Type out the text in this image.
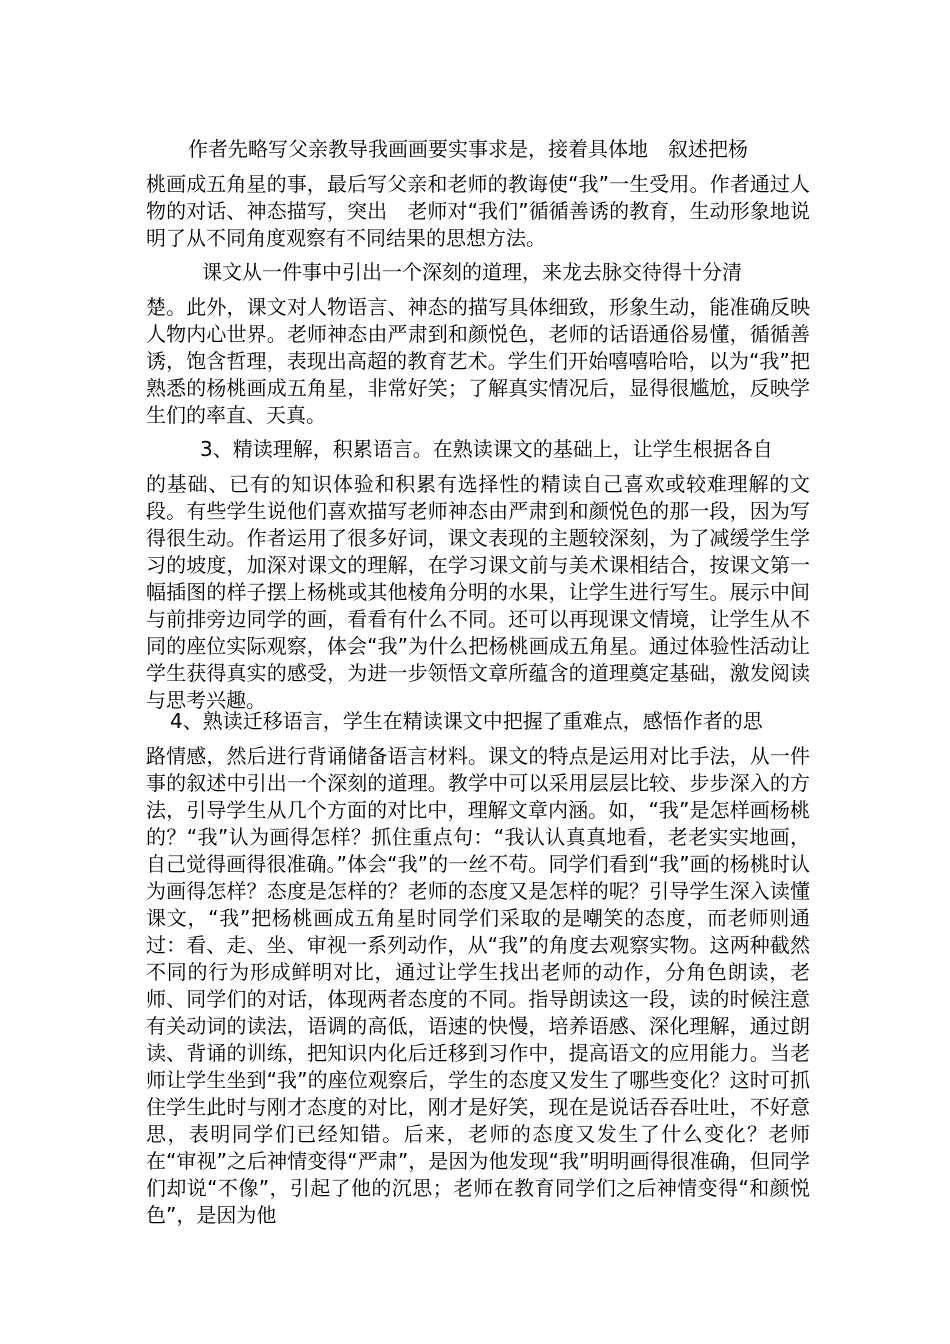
作者先略写父亲教导我画画要实事求是，接着具体地　叙述把杨
桃画成五角星的事，最后写父亲和老师的教诲使“我”一生受用。作者通过人物的对话、神态描写，突出　老师对“我们”循循善诱的教育，生动形象地说明了从不同角度观察有不同结果的思想方法。

课文从一件事中引出一个深刻的道理，来龙去脉交待得十分清
楚。此外，课文对人物语言、神态的描写具体细致，形象生动，能准确反映人物内心世界。老师神态由严肃到和颜悦色，老师的话语通俗易懂，循循善诱，饱含哲理，表现出高超的教育艺术。学生们开始嘻嘻哈哈，以为“我”把熟悉的杨桃画成五角星，非常好笑；了解真实情况后，显得很尴尬，反映学生们的率直、天真。

3、精读理解，积累语言。在熟读课文的基础上，让学生根据各自
的基础、已有的知识体验和积累有选择性的精读自己喜欢或较难理解的文段。有些学生说他们喜欢描写老师神态由严肃到和颜悦色的那一段，因为写得很生动。作者运用了很多好词，课文表现的主题较深刻，为了减缓学生学习的坡度，加深对课文的理解，在学习课文前与美术课相结合，按课文第一幅插图的样子摆上杨桃或其他棱角分明的水果，让学生进行写生。展示中间与前排旁边同学的画，看看有什么不同。还可以再现课文情境，让学生从不同的座位实际观察，体会“我”为什么把杨桃画成五角星。通过体验性活动让学生获得真实的感受，为进一步领悟文章所蕴含的道理奠定基础，激发阅读与思考兴趣。

4、熟读迁移语言，学生在精读课文中把握了重难点，感悟作者的思
路情感，然后进行背诵储备语言材料。课文的特点是运用对比手法，从一件事的叙述中引出一个深刻的道理。教学中可以采用层层比较、步步深入的方法，引导学生从几个方面的对比中，理解文章内涵。如，“我”是怎样画杨桃的？“我”认为画得怎样？抓住重点句：“我认认真真地看，老老实实地画，自己觉得画得很准确。”体会“我”的一丝不苟。同学们看到“我”画的杨桃时认为画得怎样？态度是怎样的？老师的态度又是怎样的呢？引导学生深入读懂课文，“我”把杨桃画成五角星时同学们采取的是嘲笑的态度，而老师则通过：看、走、坐、审视一系列动作，从“我”的角度去观察实物。这两种截然不同的行为形成鲜明对比，通过让学生找出老师的动作，分角色朗读，老师、同学们的对话，体现两者态度的不同。指导朗读这一段，读的时候注意有关动词的读法，语调的高低，语速的快慢，培养语感、深化理解，通过朗读、背诵的训练，把知识内化后迁移到习作中，提高语文的应用能力。当老师让学生坐到“我”的座位观察后，学生的态度又发生了哪些变化？这时可抓住学生此时与刚才态度的对比，刚才是好笑，现在是说话吞吞吐吐，不好意思，表明同学们已经知错。后来，老师的态度又发生了什么变化？老师在“审视”之后神情变得“严肃”，是因为他发现“我”明明画得很准确，但同学们却说“不像”，引起了他的沉思；老师在教育同学们之后神情变得“和颜悦色”，是因为他
